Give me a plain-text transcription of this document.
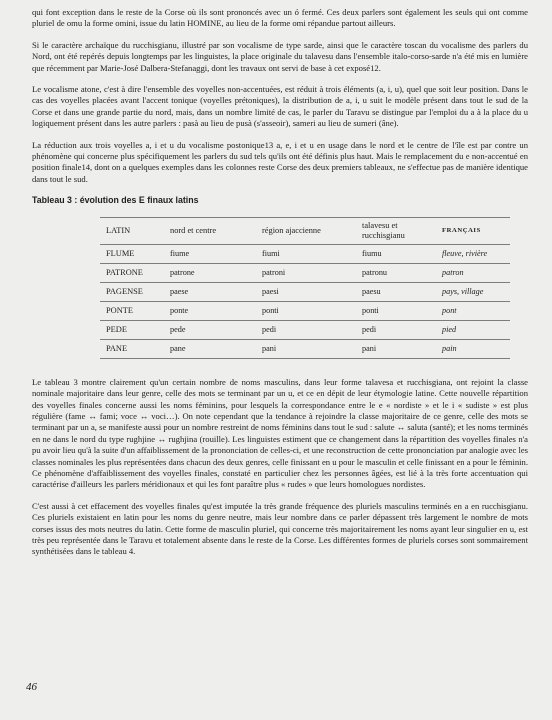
qui font exception dans le reste de la Corse où ils sont prononcés avec un ó fermé. Ces deux parlers sont également les seuls qui ont comme pluriel de omu la forme omini, issue du latin HOMINE, au lieu de la forme omi répandue partout ailleurs.

Si le caractère archaïque du rucchisgianu, illustré par son vocalisme de type sarde, ainsi que le caractère toscan du vocalisme des parlers du Nord, ont été repérés depuis longtemps par les linguistes, la place originale du talavesu dans l'ensemble italo-corso-sarde n'a été mis en lumière que récemment par Marie-José Dalbera-Stefanaggi, dont les travaux ont servi de base à cet exposé12.

Le vocalisme atone, c'est à dire l'ensemble des voyelles non-accentuées, est réduit à trois éléments (a, i, u), quel que soit leur position. Dans le cas des voyelles placées avant l'accent tonique (voyelles prétoniques), la distribution de a, i, u suit le modèle présent dans tout le sud de la Corse et dans une grande partie du nord, mais, dans un nombre limité de cas, le parler du Taravu se distingue par l'emploi du a à la place du u logiquement présent dans les autre parlers : pasà au lieu de pusà (s'asseoir), sameri au lieu de sumeri (âne).

La réduction aux trois voyelles a, i et u du vocalisme postonique13 a, e, i et u en usage dans le nord et le centre de l'île est par contre un phénomène qui concerne plus spécifiquement les parlers du sud tels qu'ils ont été définis plus haut. Mais le remplacement du e non-accentué en position finale14, dont on a quelques exemples dans les colonnes reste Corse des deux premiers tableaux, ne s'effectue pas de manière identique dans tout le sud.

Tableau 3 : évolution des E finaux latins
LATIN	nord et centre	région ajaccienne	talavesu et rucchisgianu	FRANÇAIS
FLUME	fiume	fiumi	fiumu	fleuve, rivière
PATRONE	patrone	patroni	patronu	patron
PAGENSE	paese	paesi	paesu	pays, village
PONTE	ponte	ponti	ponti	pont
PEDE	pede	pedi	pedi	pied
PANE	pane	pani	pani	pain

Le tableau 3 montre clairement qu'un certain nombre de noms masculins, dans leur forme talavesa et rucchisgiana, ont rejoint la classe nominale majoritaire dans leur genre, celle des mots se terminant par un u, et ce en dépit de leur étymologie latine. Cette nouvelle répartition des voyelles finales concerne aussi les noms féminins, pour lesquels la correspondance entre le e « nordiste » et le i « sudiste » est plus régulière (fame ↔ fami; voce ↔ voci…). On note cependant que la tendance à rejoindre la classe majoritaire de ce genre, celle des mots se terminant par un a, se manifeste aussi pour un nombre restreint de noms féminins dans tout le sud : salute ↔ saluta (santé); et les noms terminés en ne dans le nord du type rughjine ↔ rughjina (rouille). Les linguistes estiment que ce changement dans la répartition des voyelles finales n'a pu avoir lieu qu'à la suite d'un affaiblissement de la prononciation de celles-ci, et une reconstruction de cette prononciation par analogie avec les classes nominales les plus représentées dans chacun des deux genres, celle finissant en u pour le masculin et celle finissant en a pour le féminin. Ce phénomène d'affaiblissement des voyelles finales, constaté en particulier chez les personnes âgées, est lié à la très forte accentuation qui caractérise d'ailleurs les parlers méridionaux et qui les font paraître plus « rudes » que leurs homologues nordistes.

C'est aussi à cet effacement des voyelles finales qu'est imputée la très grande fréquence des pluriels masculins terminés en a en rucchisgianu. Ces pluriels existaient en latin pour les noms du genre neutre, mais leur nombre dans ce parler dépassent très largement le nombre de mots corses issus des mots neutres du latin. Cette forme de masculin pluriel, qui concerne très majoritairement les noms ayant leur singulier en u, est très peu représentée dans le Taravu et totalement absente dans le reste de la Corse. Les différentes formes de pluriels corses sont sommairement synthétisées dans le tableau 4.

46
